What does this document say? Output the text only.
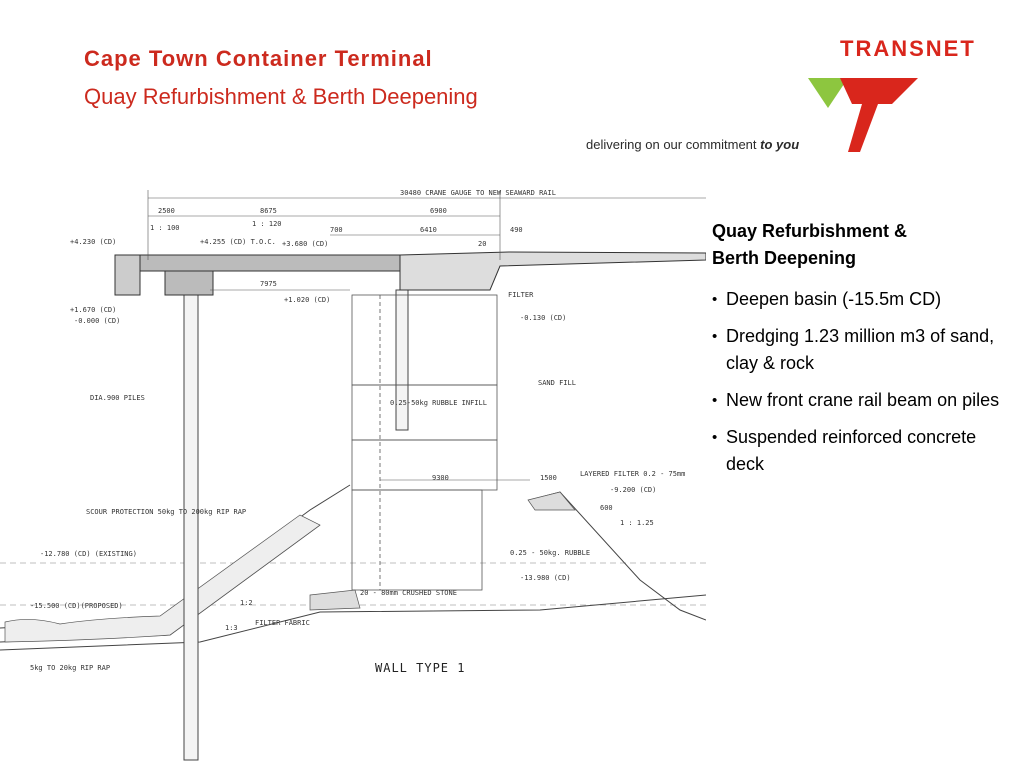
Cape Town Container Terminal
Quay Refurbishment & Berth Deepening
TRANSNET
delivering on our commitment to you
30480 CRANE GAUGE TO NEW SEAWARD RAIL
2500	8675	6900
1 : 100	1 : 120
700	6410	490
20
+4.230 (CD)	+4.255 (CD) T.O.C. +3.680 (CD)
7975
+1.020 (CD)
FILTER
+1.670 (CD)
-0.000 (CD)	-0.130 (CD)
SAND FILL
DIA.900 PILES
0.25-50kg RUBBLE INFILL
9300	1500	LAYERED FILTER 0.2 - 75mm
-9.200 (CD)
SCOUR PROTECTION 50kg TO 200kg RIP RAP
-12.780 (CD) (EXISTING)	0.25 - 50kg. RUBBLE
-13.980 (CD)
20 - 80mm CRUSHED STONE
-15.500 (CD)(PROPOSED)
FILTER FABRIC
5kg TO 20kg RIP RAP
600
1 : 1.25
1:2
1:3
WALL TYPE 1
Quay Refurbishment & Berth Deepening
• Deepen basin (-15.5m CD)
• Dredging 1.23 million m3 of sand, clay & rock
• New front crane rail beam on piles
• Suspended reinforced concrete deck
